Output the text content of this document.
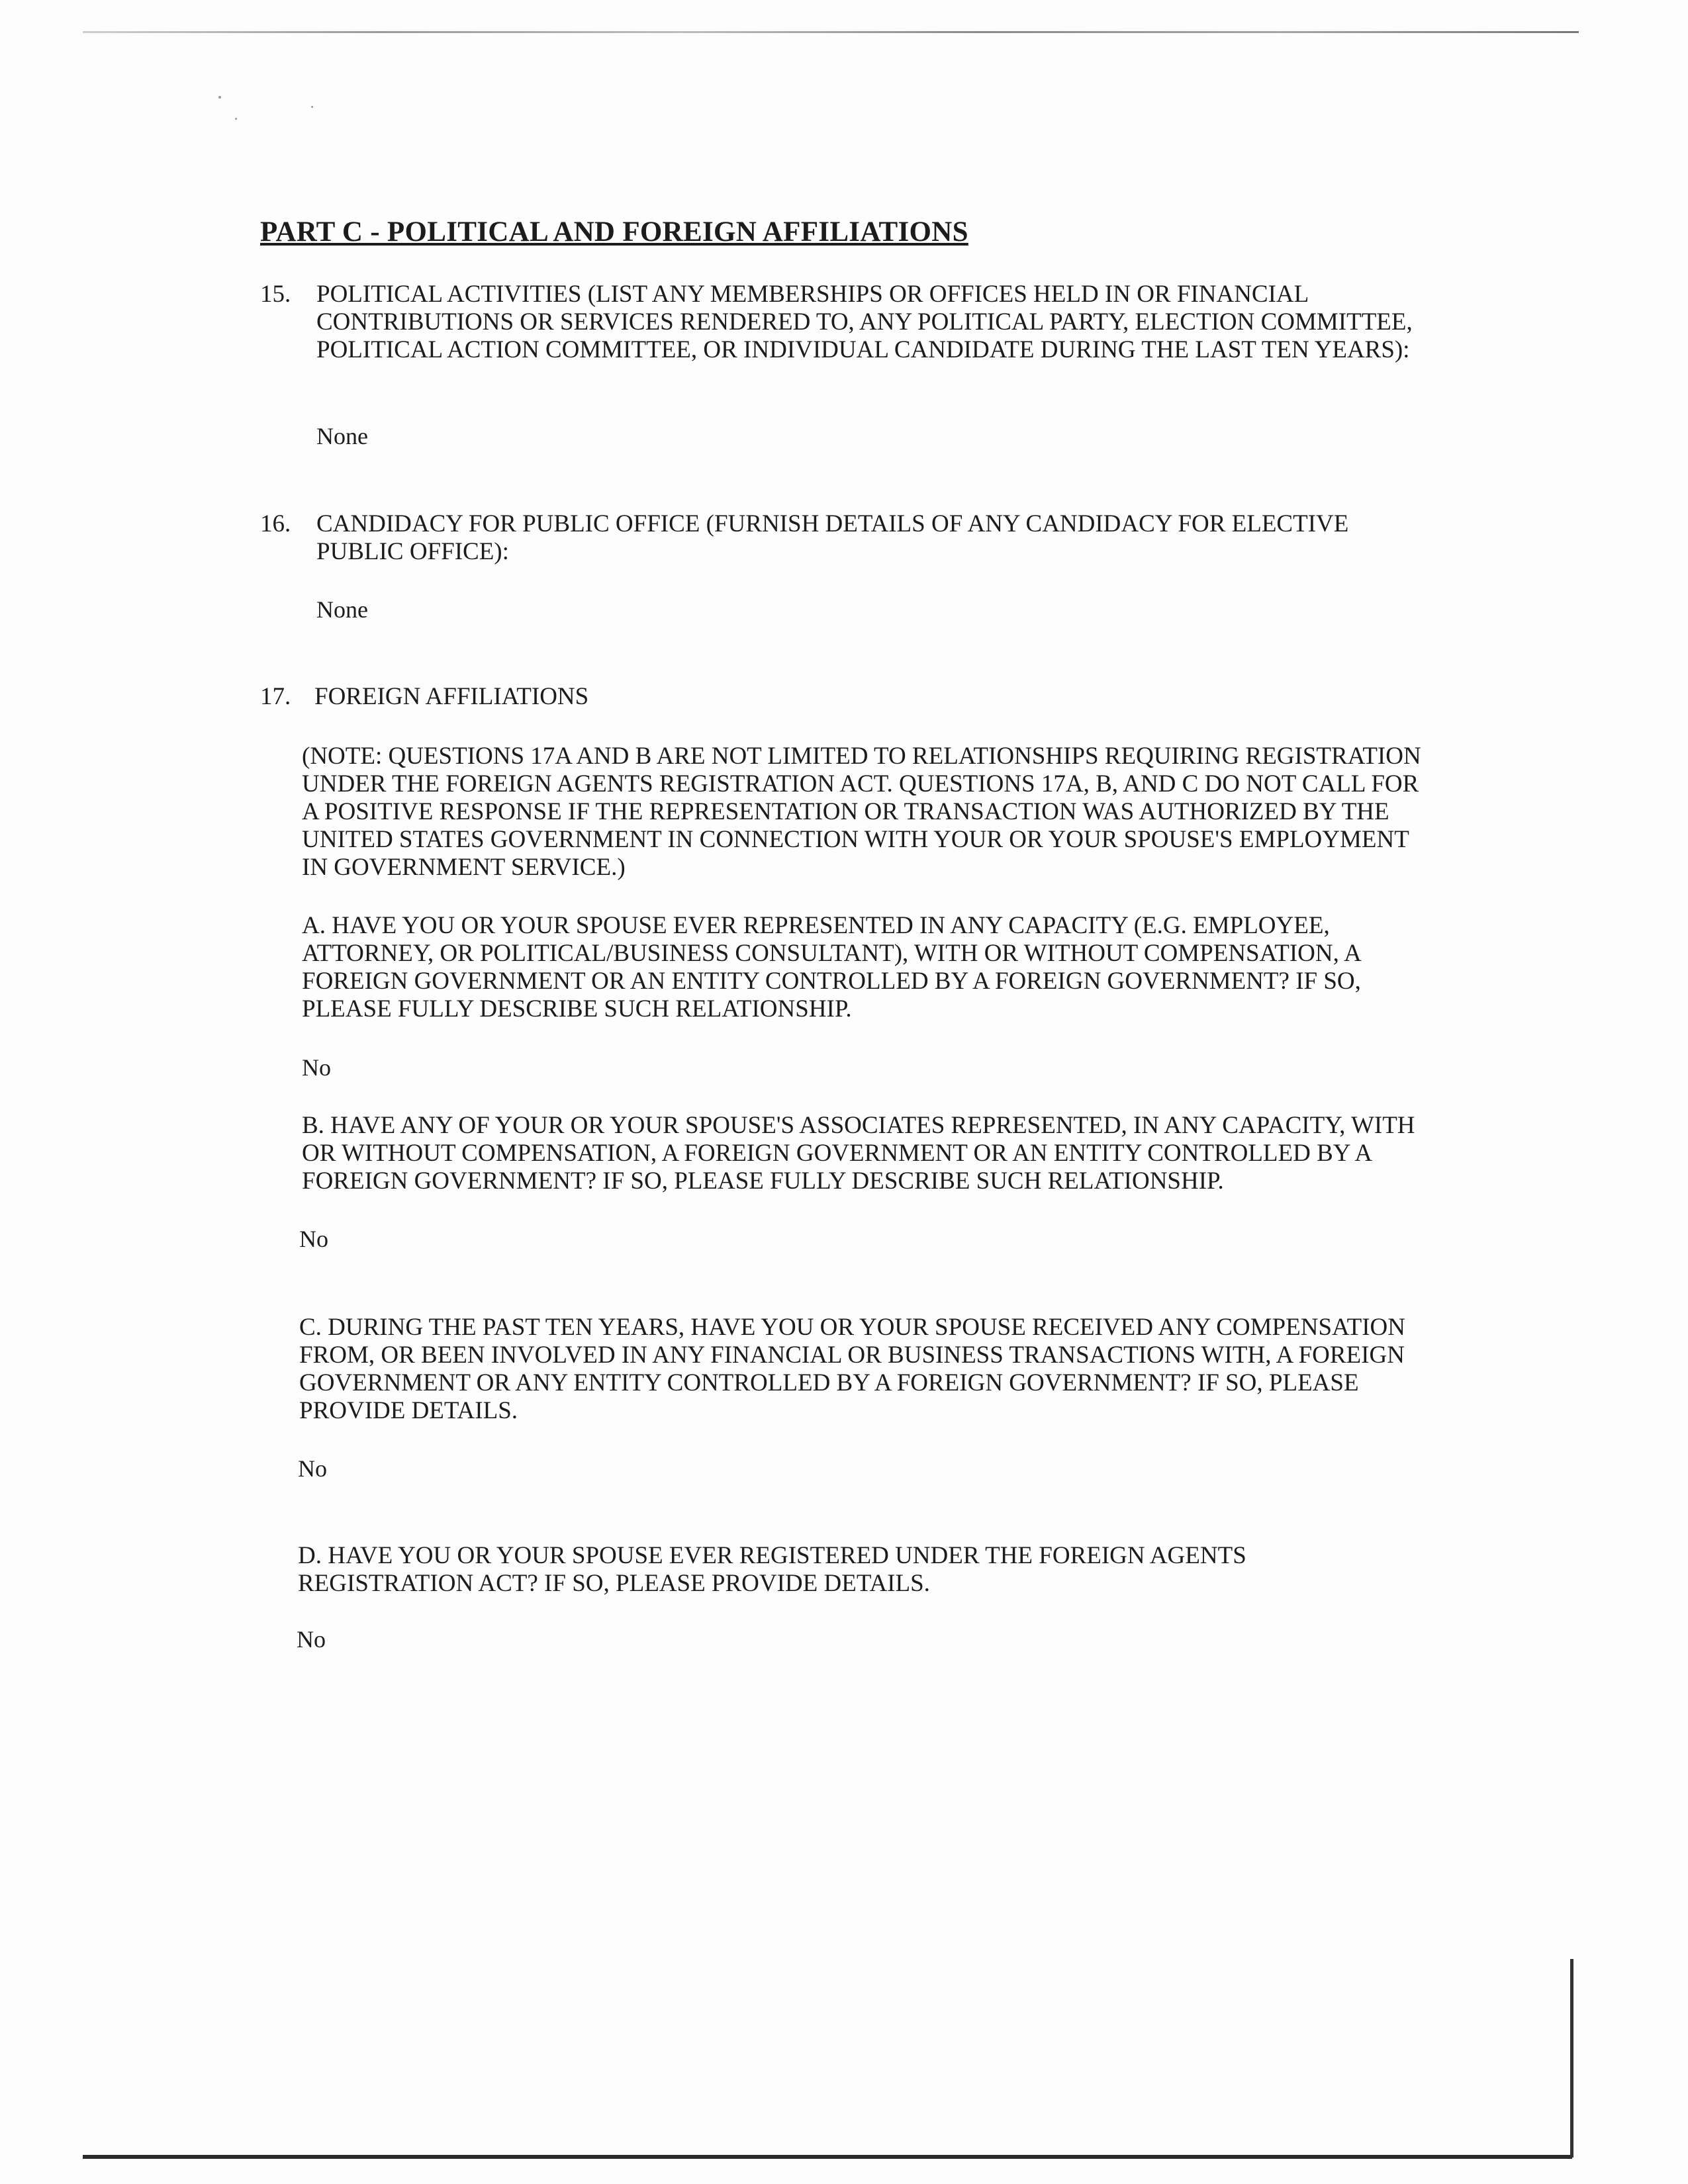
PART C - POLITICAL AND FOREIGN AFFILIATIONS
15. POLITICAL ACTIVITIES (LIST ANY MEMBERSHIPS OR OFFICES HELD IN OR FINANCIAL CONTRIBUTIONS OR SERVICES RENDERED TO, ANY POLITICAL PARTY, ELECTION COMMITTEE, POLITICAL ACTION COMMITTEE, OR INDIVIDUAL CANDIDATE DURING THE LAST TEN YEARS):

None
16. CANDIDACY FOR PUBLIC OFFICE (FURNISH DETAILS OF ANY CANDIDACY FOR ELECTIVE PUBLIC OFFICE):

None
17. FOREIGN AFFILIATIONS

(NOTE: QUESTIONS 17A AND B ARE NOT LIMITED TO RELATIONSHIPS REQUIRING REGISTRATION UNDER THE FOREIGN AGENTS REGISTRATION ACT. QUESTIONS 17A, B, AND C DO NOT CALL FOR A POSITIVE RESPONSE IF THE REPRESENTATION OR TRANSACTION WAS AUTHORIZED BY THE UNITED STATES GOVERNMENT IN CONNECTION WITH YOUR OR YOUR SPOUSE'S EMPLOYMENT IN GOVERNMENT SERVICE.)

A. HAVE YOU OR YOUR SPOUSE EVER REPRESENTED IN ANY CAPACITY (E.G. EMPLOYEE, ATTORNEY, OR POLITICAL/BUSINESS CONSULTANT), WITH OR WITHOUT COMPENSATION, A FOREIGN GOVERNMENT OR AN ENTITY CONTROLLED BY A FOREIGN GOVERNMENT? IF SO, PLEASE FULLY DESCRIBE SUCH RELATIONSHIP.

No

B. HAVE ANY OF YOUR OR YOUR SPOUSE'S ASSOCIATES REPRESENTED, IN ANY CAPACITY, WITH OR WITHOUT COMPENSATION, A FOREIGN GOVERNMENT OR AN ENTITY CONTROLLED BY A FOREIGN GOVERNMENT? IF SO, PLEASE FULLY DESCRIBE SUCH RELATIONSHIP.

No

C. DURING THE PAST TEN YEARS, HAVE YOU OR YOUR SPOUSE RECEIVED ANY COMPENSATION FROM, OR BEEN INVOLVED IN ANY FINANCIAL OR BUSINESS TRANSACTIONS WITH, A FOREIGN GOVERNMENT OR ANY ENTITY CONTROLLED BY A FOREIGN GOVERNMENT? IF SO, PLEASE PROVIDE DETAILS.

No

D. HAVE YOU OR YOUR SPOUSE EVER REGISTERED UNDER THE FOREIGN AGENTS REGISTRATION ACT? IF SO, PLEASE PROVIDE DETAILS.

No
